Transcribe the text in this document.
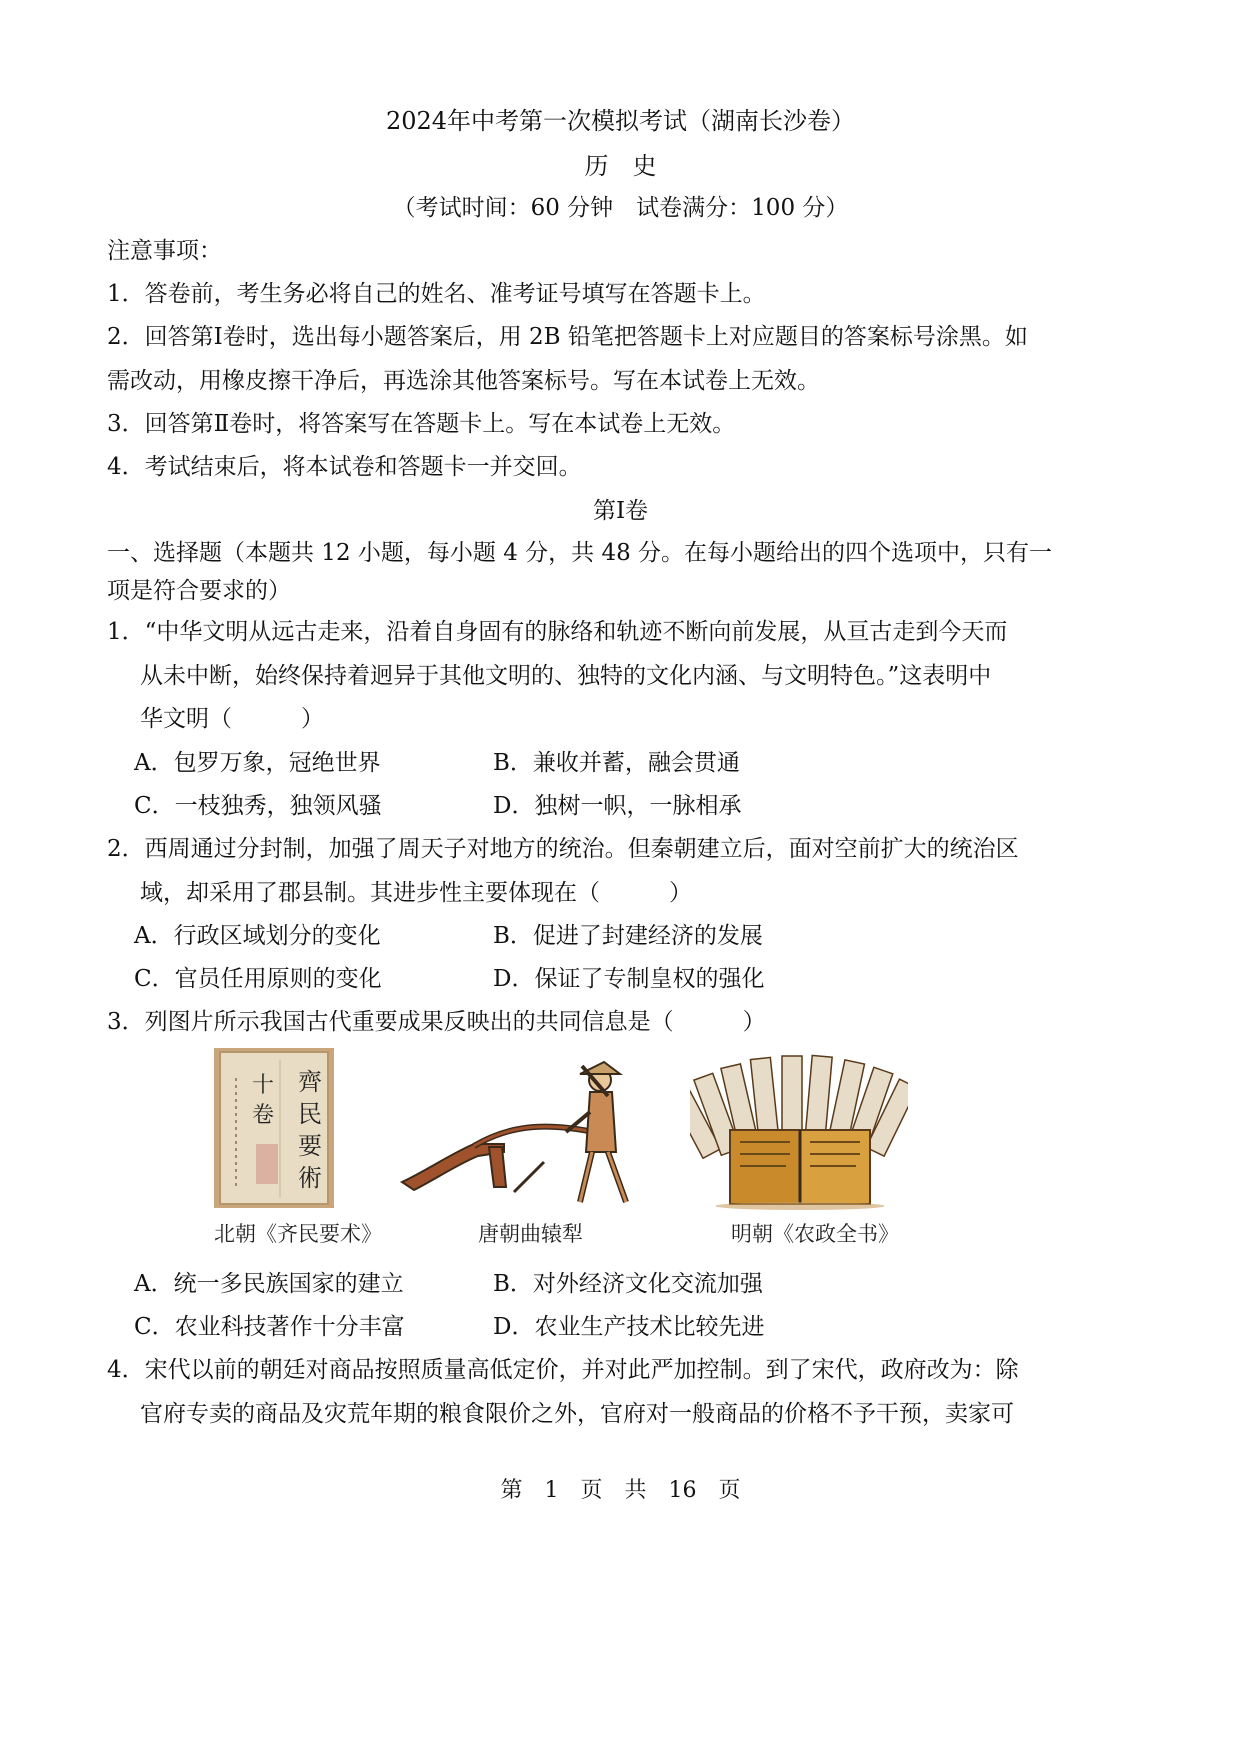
2024年中考第一次模拟考试（湖南长沙卷）
历　史
（考试时间：60 分钟　试卷满分：100 分）
注意事项：
1．答卷前，考生务必将自己的姓名、准考证号填写在答题卡上。
2．回答第Ⅰ卷时，选出每小题答案后，用 2B 铅笔把答题卡上对应题目的答案标号涂黑。如
需改动，用橡皮擦干净后，再选涂其他答案标号。写在本试卷上无效。
3．回答第Ⅱ卷时，将答案写在答题卡上。写在本试卷上无效。
4．考试结束后，将本试卷和答题卡一并交回。
第Ⅰ卷
一、选择题（本题共 12 小题，每小题 4 分，共 48 分。在每小题给出的四个选项中，只有一
项是符合要求的）
1．“中华文明从远古走来，沿着自身固有的脉络和轨迹不断向前发展，从亘古走到今天而
从未中断，始终保持着迥异于其他文明的、独特的文化内涵、与文明特色。”这表明中
华文明（　　　）
A．包罗万象，冠绝世界	B．兼收并蓄，融会贯通
C．一枝独秀，独领风骚	D．独树一帜，一脉相承
2．西周通过分封制，加强了周天子对地方的统治。但秦朝建立后，面对空前扩大的统治区
域，却采用了郡县制。其进步性主要体现在（　　　）
A．行政区域划分的变化	B．促进了封建经济的发展
C．官员任用原则的变化	D．保证了专制皇权的强化
3．列图片所示我国古代重要成果反映出的共同信息是（　　　）
齊
民
要
術
十
卷
北朝《齐民要术》	唐朝曲辕犁	明朝《农政全书》
A．统一多民族国家的建立	B．对外经济文化交流加强
C．农业科技著作十分丰富	D．农业生产技术比较先进
4．宋代以前的朝廷对商品按照质量高低定价，并对此严加控制。到了宋代，政府改为：除
官府专卖的商品及灾荒年期的粮食限价之外，官府对一般商品的价格不予干预，卖家可
第　1　页　共　16　页
